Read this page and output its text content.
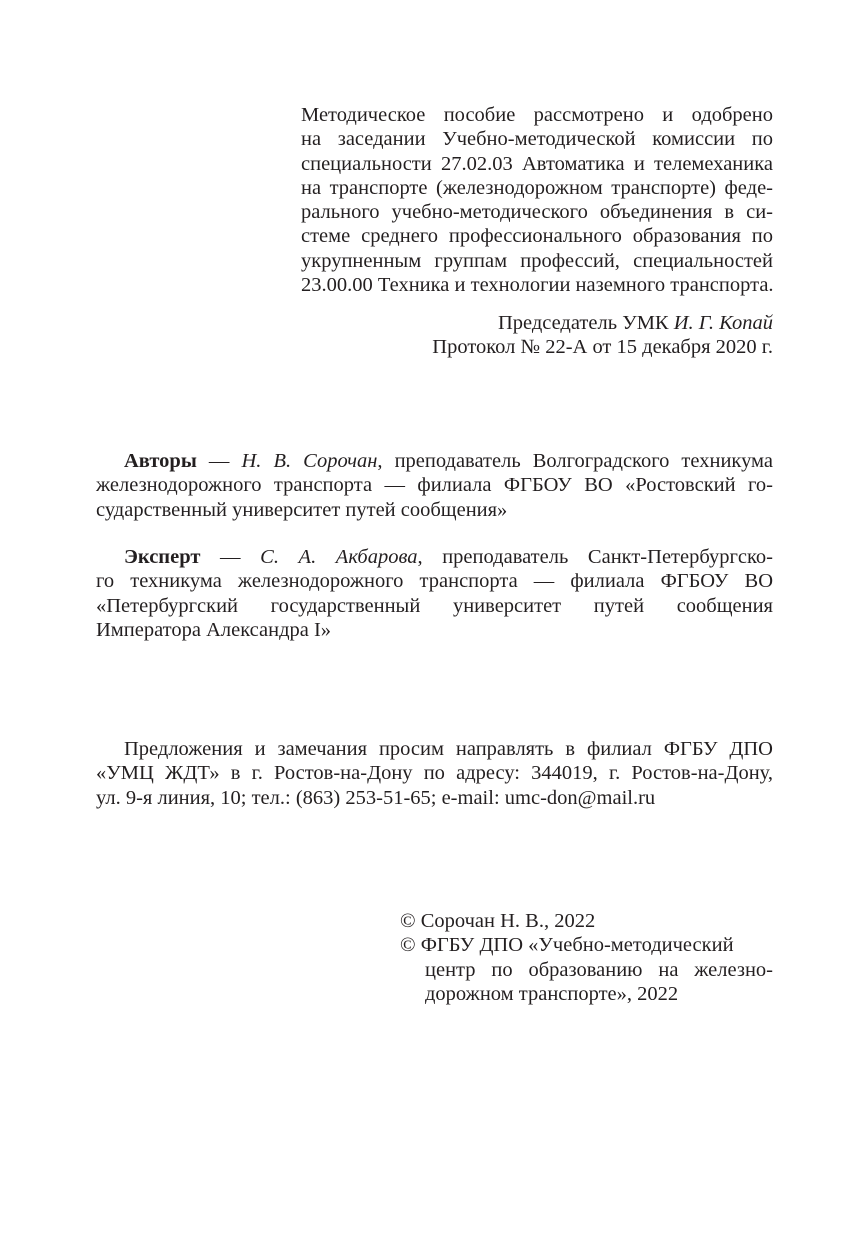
Методическое пособие рассмотрено и одобрено
на заседании Учебно-методической комиссии по
специальности 27.02.03 Автоматика и телемеханика
на транспорте (железнодорожном транспорте) феде-
рального учебно-методического объединения в си-
стеме среднего профессионального образования по
укрупненным группам профессий, специальностей
23.00.00 Техника и технологии наземного транспорта.
Председатель УМК И. Г. Копай
Протокол № 22-А от 15 декабря 2020 г.
Авторы — Н. В. Сорочан, преподаватель Волгоградского техникума
железнодорожного транспорта — филиала ФГБОУ ВО «Ростовский го-
сударственный университет путей сообщения»
Эксперт — С. А. Акбарова, преподаватель Санкт-Петербургско-
го техникума железнодорожного транспорта — филиала ФГБОУ ВО
«Петербургский государственный университет путей сообщения
Императора Александра I»
Предложения и замечания просим направлять в филиал ФГБУ ДПО
«УМЦ ЖДТ» в г. Ростов-на-Дону по адресу: 344019, г. Ростов-на-Дону,
ул. 9-я линия, 10; тел.: (863) 253-51-65; e-mail: umc-don@mail.ru
© Сорочан Н. В., 2022
© ФГБУ ДПО «Учебно-методический
центр по образованию на железно-
дорожном транспорте», 2022
